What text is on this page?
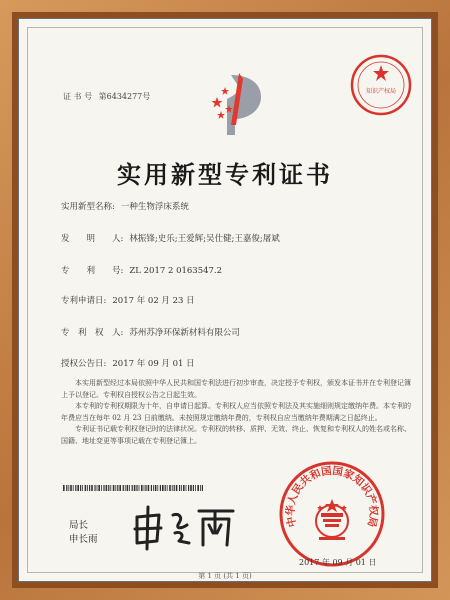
证 书 号 第6434277号
知识产权局
实用新型专利证书
实用新型名称: 一种生物浮床系统
发　　明　　人: 林振锋;史乐;王爱辉;吴仕健;王嘉俊;屠斌
专　　利　　号: ZL 2017 2 0163547.2
专利申请日: 2017 年 02 月 23 日
专　利　权　人: 苏州苏净环保新材料有限公司
授权公告日: 2017 年 09 月 01 日

本实用新型经过本局依照中华人民共和国专利法进行初步审查，决定授予专利权，颁发本证书并在专利登记簿上予以登记。专利权自授权公告之日起生效。

本专利的专利权期限为十年，自申请日起算。专利权人应当依照专利法及其实施细则规定缴纳年费。本专利的年费应当在每年 02 月 23 日前缴纳。未按照规定缴纳年费的，专利权自应当缴纳年费期满之日起终止。

专利证书记载专利权登记时的法律状况。专利权的转移、质押、无效、终止、恢复和专利权人的姓名或名称、国籍、地址变更等事项记载在专利登记簿上。

局长
申长雨
中华人民共和国国家知识产权局
2017 年 09 月 01 日
第 1 页 (共 1 页)
